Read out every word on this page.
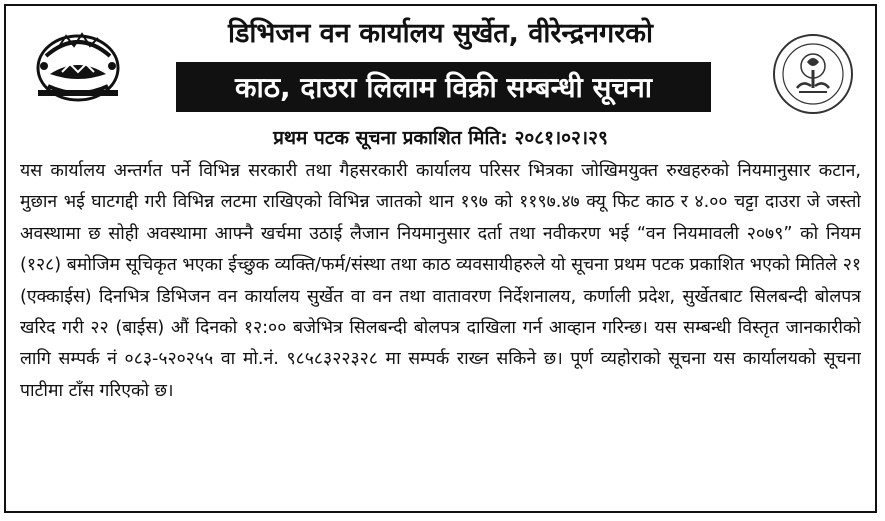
डिभिजन वन कार्यालय सुर्खेत, वीरेन्द्रनगरको
काठ, दाउरा लिलाम विक्री सम्बन्धी सूचना
प्रथम पटक सूचना प्रकाशित मिति: २०८१।०२।२९
यस कार्यालय अन्तर्गत पर्ने विभिन्न सरकारी तथा गैहसरकारी कार्यालय परिसर भित्रका जोखिमयुक्त रुखहरुको नियमानुसार कटान, मुछान भई घाटगद्दी गरी विभिन्न लटमा राखिएको विभिन्न जातको थान १९७ को ११९७.४७ क्यू फिट काठ र ४.०० चट्टा दाउरा जे जस्तो अवस्थामा छ सोही अवस्थामा आफ्नै खर्चमा उठाई लैजान नियमानुसार दर्ता तथा नवीकरण भई “वन नियमावली २०७९” को नियम (१२८) बमोजिम सूचिकृत भएका ईच्छुक व्यक्ति/फर्म/संस्था तथा काठ व्यवसायीहरुले यो सूचना प्रथम पटक प्रकाशित भएको मितिले २१ (एक्काईस) दिनभित्र डिभिजन वन कार्यालय सुर्खेत वा वन तथा वातावरण निर्देशनालय, कर्णाली प्रदेश, सुर्खेतबाट सिलबन्दी बोलपत्र खरिद गरी २२ (बाईस) औं दिनको १२:०० बजेभित्र सिलबन्दी बोलपत्र दाखिला गर्न आव्हान गरिन्छ। यस सम्बन्धी विस्तृत जानकारीको लागि सम्पर्क नं ०८३-५२०२५५ वा मो.नं. ९८५८३२२३२८ मा सम्पर्क राख्न सकिने छ। पूर्ण व्यहोराको सूचना यस कार्यालयको सूचना पाटीमा टाँस गरिएको छ।
